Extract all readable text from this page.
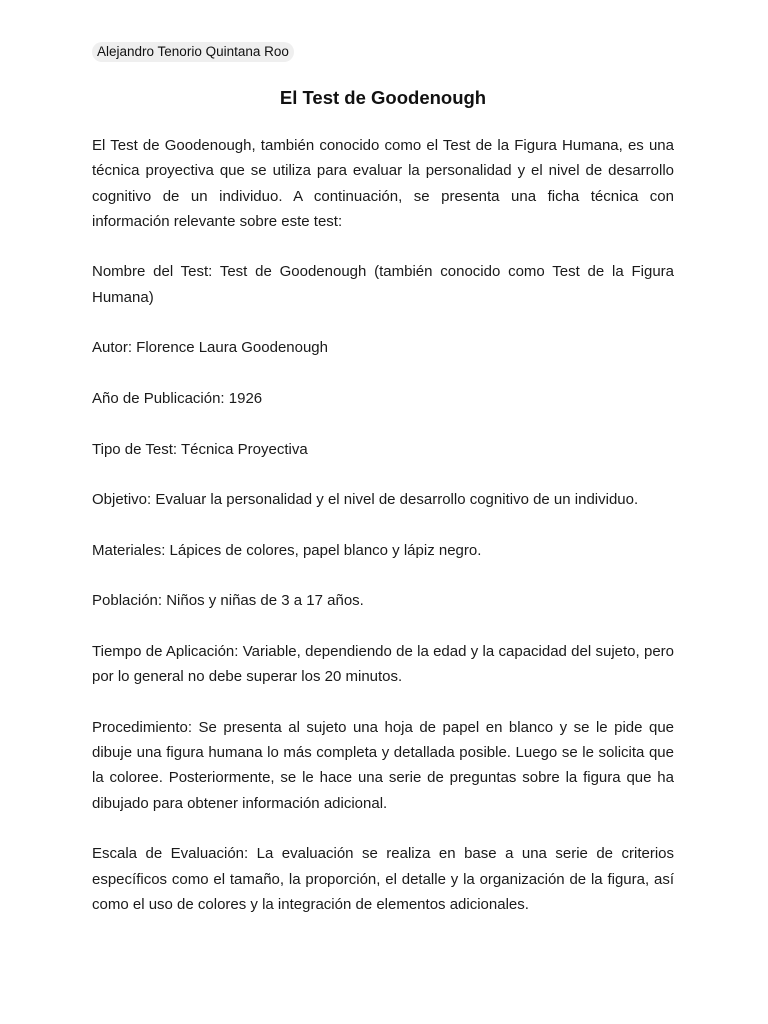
Alejandro Tenorio Quintana Roo
El Test de Goodenough

El Test de Goodenough, también conocido como el Test de la Figura Humana, es una técnica proyectiva que se utiliza para evaluar la personalidad y el nivel de desarrollo cognitivo de un individuo. A continuación, se presenta una ficha técnica con información relevante sobre este test:

Nombre del Test: Test de Goodenough (también conocido como Test de la Figura Humana)

Autor: Florence Laura Goodenough

Año de Publicación: 1926

Tipo de Test: Técnica Proyectiva

Objetivo: Evaluar la personalidad y el nivel de desarrollo cognitivo de un individuo.

Materiales: Lápices de colores, papel blanco y lápiz negro.

Población: Niños y niñas de 3 a 17 años.

Tiempo de Aplicación: Variable, dependiendo de la edad y la capacidad del sujeto, pero por lo general no debe superar los 20 minutos.

Procedimiento: Se presenta al sujeto una hoja de papel en blanco y se le pide que dibuje una figura humana lo más completa y detallada posible. Luego se le solicita que la coloree. Posteriormente, se le hace una serie de preguntas sobre la figura que ha dibujado para obtener información adicional.

Escala de Evaluación: La evaluación se realiza en base a una serie de criterios específicos como el tamaño, la proporción, el detalle y la organización de la figura, así como el uso de colores y la integración de elementos adicionales.
